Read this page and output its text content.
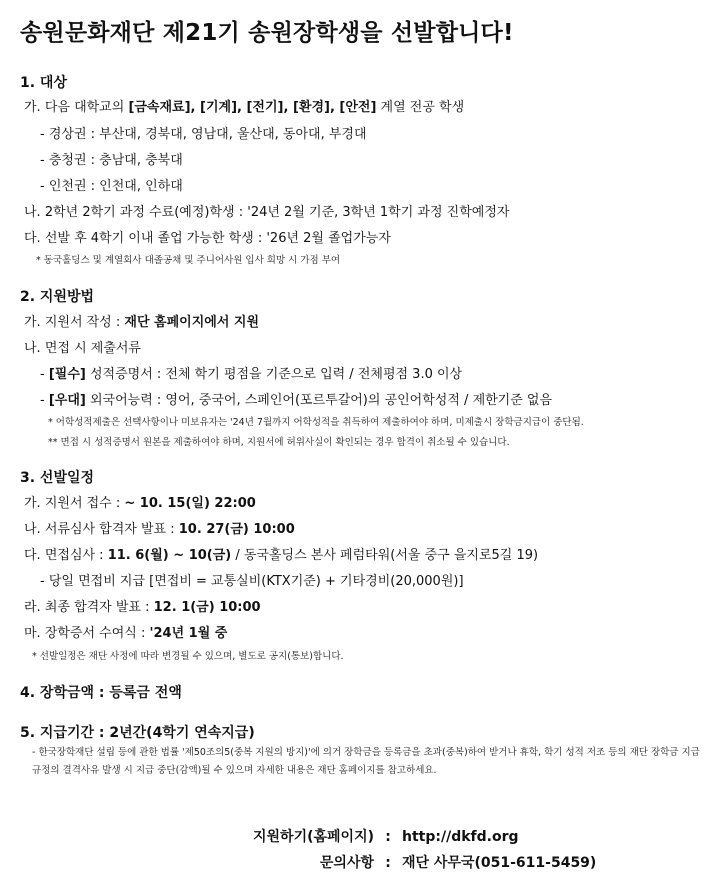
송원문화재단 제21기 송원장학생을 선발합니다!
1. 대상
가. 다음 대학교의 [금속재료], [기계], [전기], [환경], [안전] 계열 전공 학생
- 경상권 : 부산대, 경북대, 영남대, 울산대, 동아대, 부경대
- 충청권 : 충남대, 충북대
- 인천권 : 인천대, 인하대
나. 2학년 2학기 과정 수료(예정)학생 : '24년 2월 기준, 3학년 1학기 과정 진학예정자
다. 선발 후 4학기 이내 졸업 가능한 학생 : '26년 2월 졸업가능자
* 동국홀딩스 및 계열회사 대졸공채 및 주니어사원 입사 희망 시 가점 부여
2. 지원방법
가. 지원서 작성 : 재단 홈페이지에서 지원
나. 면접 시 제출서류
- [필수] 성적증명서 : 전체 학기 평점을 기준으로 입력 / 전체평점 3.0 이상
- [우대] 외국어능력 : 영어, 중국어, 스페인어(포르투갈어)의 공인어학성적 / 제한기준 없음
* 어학성적제출은 선택사항이나 미보유자는 '24년 7월까지 어학성적을 취득하여 제출하여야 하며, 미제출시 장학금지급이 중단됨.
** 면접 시 성적증명서 원본을 제출하여야 하며, 지원서에 허위사실이 확인되는 경우 합격이 취소될 수 있습니다.
3. 선발일정
가. 지원서 접수 : ~ 10. 15(일) 22:00
나. 서류심사 합격자 발표 : 10. 27(금) 10:00
다. 면접심사 : 11. 6(월) ~ 10(금) / 동국홀딩스 본사 페럼타워(서울 중구 을지로5길 19)
- 당일 면접비 지급 [면접비 = 교통실비(KTX기준) + 기타경비(20,000원)]
라. 최종 합격자 발표 : 12. 1(금) 10:00
마. 장학증서 수여식 : '24년 1월 중
* 선발일정은 재단 사정에 따라 변경될 수 있으며, 별도로 공지(통보)합니다.
4. 장학금액 : 등록금 전액
5. 지급기간 : 2년간(4학기 연속지급)
- 한국장학재단 설립 등에 관한 법률 '제50조의5(중복 지원의 방지)'에 의거 장학금을 등록금을 초과(중복)하여 받거나 휴학, 학기 성적 저조 등의 재단 장학금 지급규정의 결격사유 발생 시 지급 중단(감액)될 수 있으며 자세한 내용은 재단 홈페이지를 참고하세요.
지원하기(홈페이지) : http://dkfd.org
문의사항 : 재단 사무국(051-611-5459)
